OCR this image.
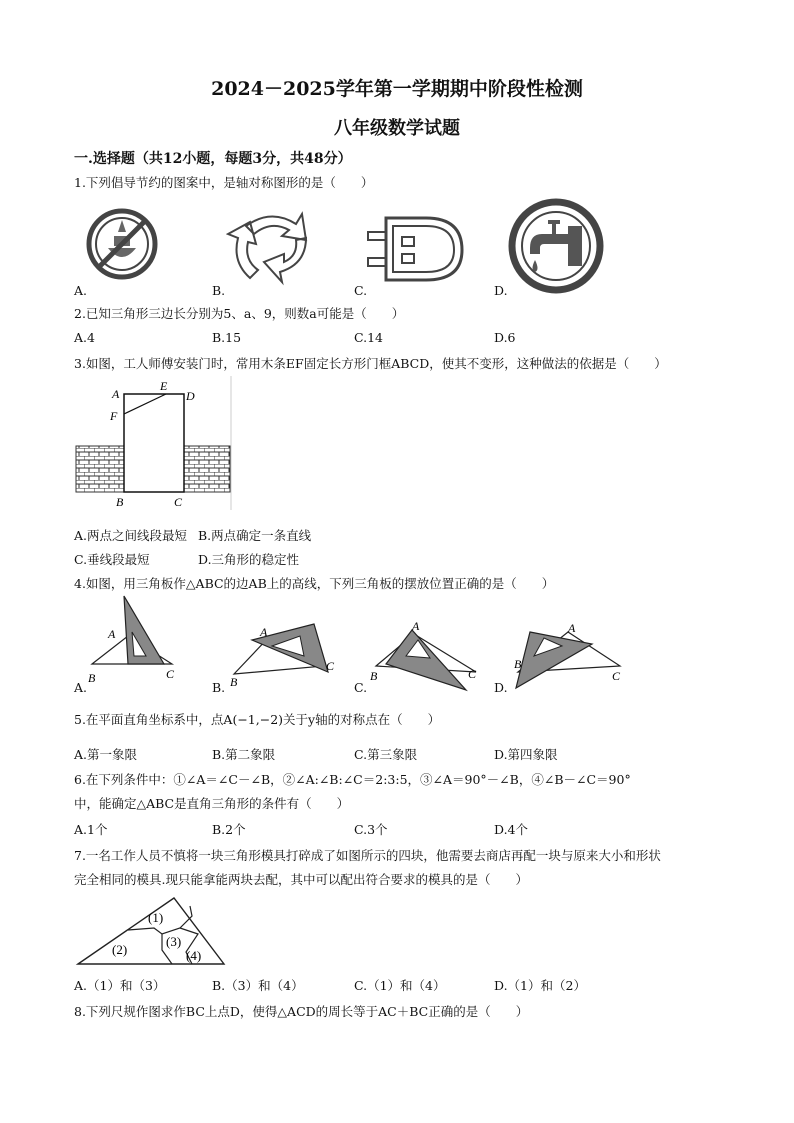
2024－2025学年第一学期期中阶段性检测
八年级数学试题
一.选择题（共12小题，每题3分，共48分）
1.下列倡导节约的图案中，是轴对称图形的是（　　）
A.	B.	C.	D.
2.已知三角形三边长分别为5、a、9，则数a可能是（　　）
A.4	B.15	C.14	D.6
3.如图，工人师傅安装门时，常用木条EF固定长方形门框ABCD，使其不变形，这种做法的依据是（　　）
A
E
D
F
B	C
A.两点之间线段最短 B.两点确定一条直线
C.垂线段最短	D.三角形的稳定性
4.如图，用三角板作△ABC的边AB上的高线，下列三角板的摆放位置正确的是（　　）
A
B	C
A
B
C
A
B	C
A
B
C
A.	B.	C.	D.
5.在平面直角坐标系中，点A(−1,−2)关于y轴的对称点在（　　）
A.第一象限	B.第二象限	C.第三象限	D.第四象限
6.在下列条件中：①∠A＝∠C－∠B，②∠A:∠B:∠C＝2:3:5，③∠A＝90°－∠B，④∠B－∠C＝90°
中，能确定△ABC是直角三角形的条件有（　　）
A.1个	B.2个	C.3个	D.4个
7.一名工作人员不慎将一块三角形模具打碎成了如图所示的四块，他需要去商店再配一块与原来大小和形状
完全相同的模具.现只能拿能两块去配，其中可以配出符合要求的模具的是（　　）
(1)
(2)
(3)
(4)
A.（1）和（3）	B.（3）和（4）	C.（1）和（4）	D.（1）和（2）
8.下列尺规作图求作BC上点D，使得△ACD的周长等于AC＋BC正确的是（　　）
